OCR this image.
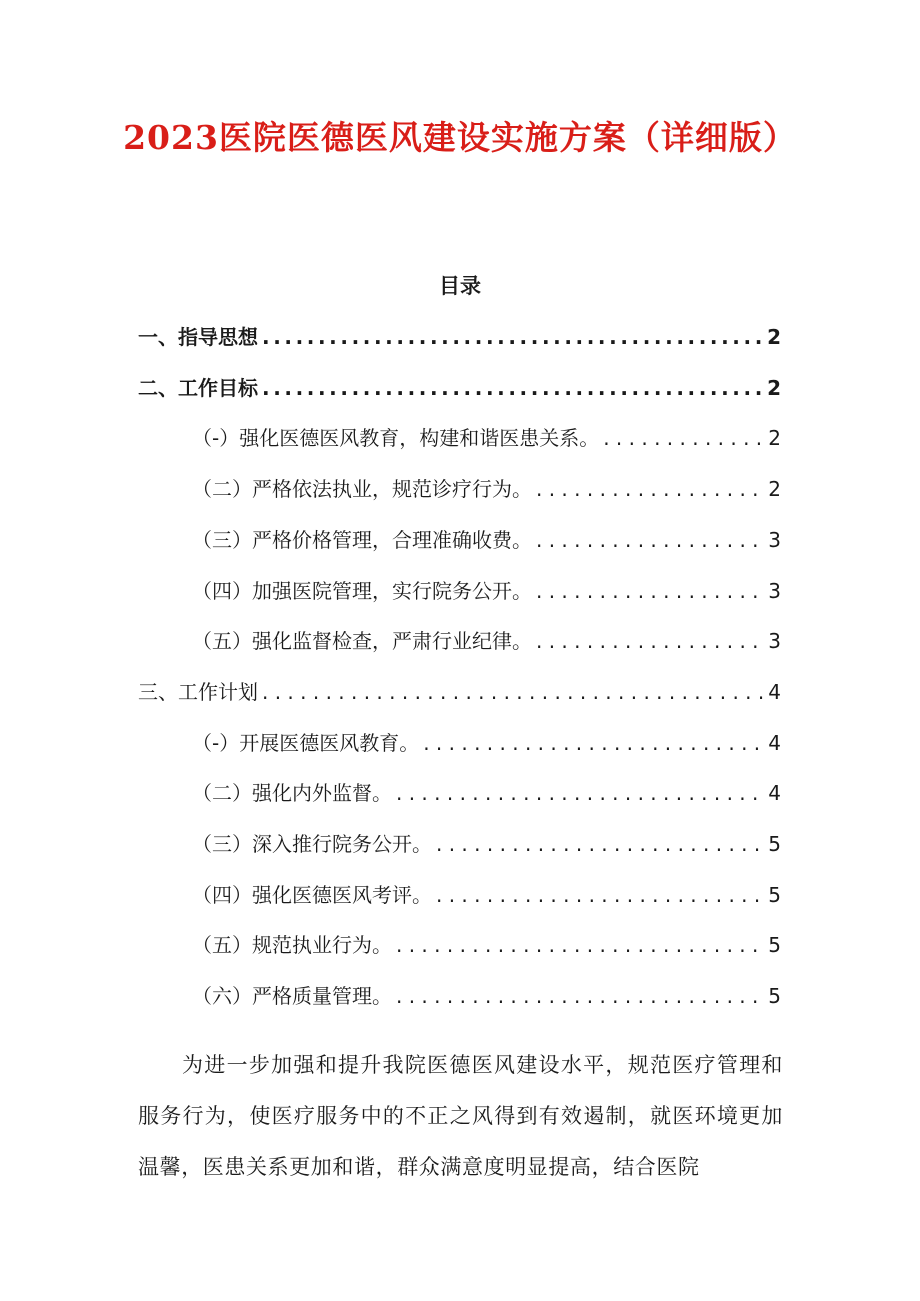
2023医院医德医风建设实施方案（详细版）
目录
一、指导思想 .....	2
二、工作目标 .....	2
（-）强化医德医风教育，构建和谐医患关系。 . . .	2
（二）严格依法执业，规范诊疗行为。 . . .	2
（三）严格价格管理，合理准确收费。 . . .	3
（四）加强医院管理，实行院务公开。 . . .	3
（五）强化监督检查，严肃行业纪律。 . . .	3
三、工作计划 . . .	4
（-）开展医德医风教育。 . . .	4
（二）强化内外监督。 . . .	4
（三）深入推行院务公开。 . . .	5
（四）强化医德医风考评。 . . .	5
（五）规范执业行为。 . . .	5
（六）严格质量管理。 . . .	5

为进一步加强和提升我院医德医风建设水平，规范医疗管理和服务行为，使医疗服务中的不正之风得到有效遏制，就医环境更加温馨，医患关系更加和谐，群众满意度明显提高，结合医院
